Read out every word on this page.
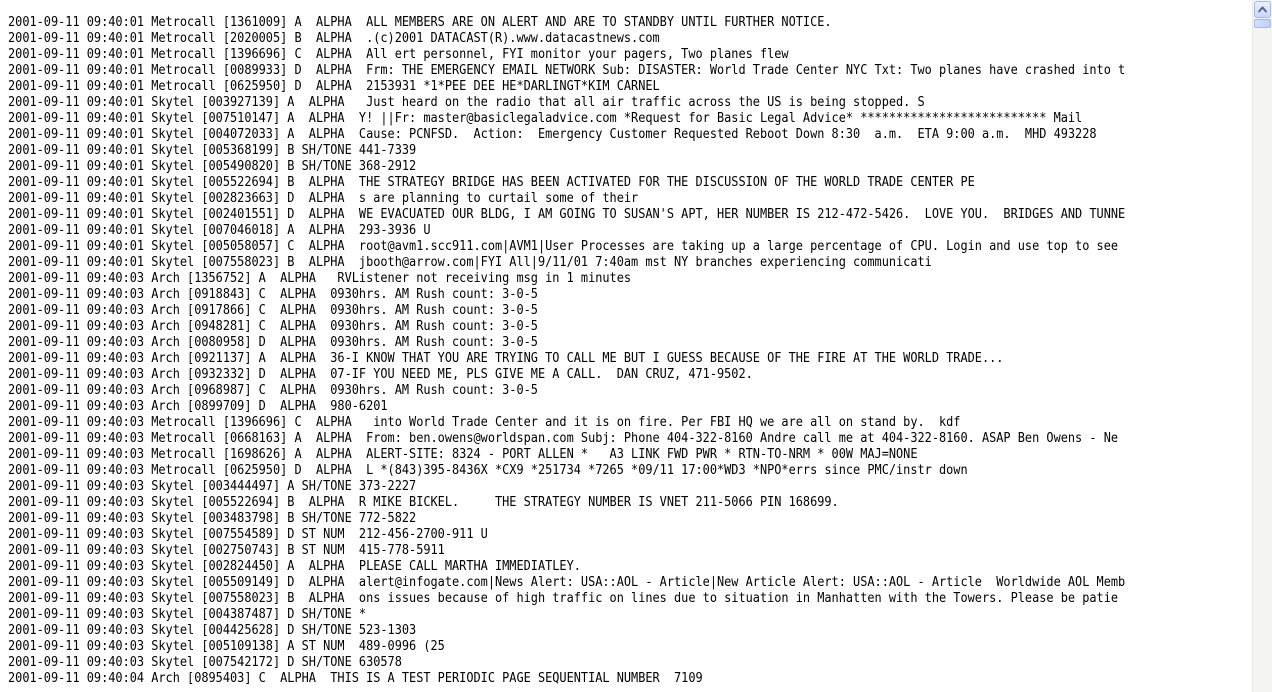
2001-09-11 09:40:01 Metrocall [1361009] A  ALPHA  ALL MEMBERS ARE ON ALERT AND ARE TO STANDBY UNTIL FURTHER NOTICE.
2001-09-11 09:40:01 Metrocall [2020005] B  ALPHA  .(c)2001 DATACAST(R).www.datacastnews.com
2001-09-11 09:40:01 Metrocall [1396696] C  ALPHA  All ert personnel, FYI monitor your pagers, Two planes flew
2001-09-11 09:40:01 Metrocall [0089933] D  ALPHA  Frm: THE EMERGENCY EMAIL NETWORK Sub: DISASTER: World Trade Center NYC Txt: Two planes have crashed into t
2001-09-11 09:40:01 Metrocall [0625950] D  ALPHA  2153931 *1*PEE DEE HE*DARLINGT*KIM CARNEL
2001-09-11 09:40:01 Skytel [003927139] A  ALPHA   Just heard on the radio that all air traffic across the US is being stopped. S
2001-09-11 09:40:01 Skytel [007510147] A  ALPHA  Y! ||Fr: master@basiclegaladvice.com *Request for Basic Legal Advice* ************************** Mail
2001-09-11 09:40:01 Skytel [004072033] A  ALPHA  Cause: PCNFSD.  Action:  Emergency Customer Requested Reboot Down 8:30  a.m.  ETA 9:00 a.m.  MHD 493228
2001-09-11 09:40:01 Skytel [005368199] B SH/TONE 441-7339
2001-09-11 09:40:01 Skytel [005490820] B SH/TONE 368-2912
2001-09-11 09:40:01 Skytel [005522694] B  ALPHA  THE STRATEGY BRIDGE HAS BEEN ACTIVATED FOR THE DISCUSSION OF THE WORLD TRADE CENTER PE
2001-09-11 09:40:01 Skytel [002823663] D  ALPHA  s are planning to curtail some of their
2001-09-11 09:40:01 Skytel [002401551] D  ALPHA  WE EVACUATED OUR BLDG, I AM GOING TO SUSAN'S APT, HER NUMBER IS 212-472-5426.  LOVE YOU.  BRIDGES AND TUNNE
2001-09-11 09:40:01 Skytel [007046018] A  ALPHA  293-3936 U
2001-09-11 09:40:01 Skytel [005058057] C  ALPHA  root@avm1.scc911.com|AVM1|User Processes are taking up a large percentage of CPU. Login and use top to see
2001-09-11 09:40:01 Skytel [007558023] B  ALPHA  jbooth@arrow.com|FYI All|9/11/01 7:40am mst NY branches experiencing communicati
2001-09-11 09:40:03 Arch [1356752] A  ALPHA   RVListener not receiving msg in 1 minutes
2001-09-11 09:40:03 Arch [0918843] C  ALPHA  0930hrs. AM Rush count: 3-0-5
2001-09-11 09:40:03 Arch [0917866] C  ALPHA  0930hrs. AM Rush count: 3-0-5
2001-09-11 09:40:03 Arch [0948281] C  ALPHA  0930hrs. AM Rush count: 3-0-5
2001-09-11 09:40:03 Arch [0080958] D  ALPHA  0930hrs. AM Rush count: 3-0-5
2001-09-11 09:40:03 Arch [0921137] A  ALPHA  36-I KNOW THAT YOU ARE TRYING TO CALL ME BUT I GUESS BECAUSE OF THE FIRE AT THE WORLD TRADE...
2001-09-11 09:40:03 Arch [0932332] D  ALPHA  07-IF YOU NEED ME, PLS GIVE ME A CALL.  DAN CRUZ, 471-9502.
2001-09-11 09:40:03 Arch [0968987] C  ALPHA  0930hrs. AM Rush count: 3-0-5
2001-09-11 09:40:03 Arch [0899709] D  ALPHA  980-6201
2001-09-11 09:40:03 Metrocall [1396696] C  ALPHA   into World Trade Center and it is on fire. Per FBI HQ we are all on stand by.  kdf
2001-09-11 09:40:03 Metrocall [0668163] A  ALPHA  From: ben.owens@worldspan.com Subj: Phone 404-322-8160 Andre call me at 404-322-8160. ASAP Ben Owens - Ne
2001-09-11 09:40:03 Metrocall [1698626] A  ALPHA  ALERT-SITE: 8324 - PORT ALLEN *   A3 LINK FWD PWR * RTN-TO-NRM * 00W MAJ=NONE
2001-09-11 09:40:03 Metrocall [0625950] D  ALPHA  L *(843)395-8436X *CX9 *251734 *7265 *09/11 17:00*WD3 *NPO*errs since PMC/instr down
2001-09-11 09:40:03 Skytel [003444497] A SH/TONE 373-2227
2001-09-11 09:40:03 Skytel [005522694] B  ALPHA  R MIKE BICKEL.     THE STRATEGY NUMBER IS VNET 211-5066 PIN 168699.
2001-09-11 09:40:03 Skytel [003483798] B SH/TONE 772-5822
2001-09-11 09:40:03 Skytel [007554589] D ST NUM  212-456-2700-911 U
2001-09-11 09:40:03 Skytel [002750743] B ST NUM  415-778-5911
2001-09-11 09:40:03 Skytel [002824450] A  ALPHA  PLEASE CALL MARTHA IMMEDIATLEY.
2001-09-11 09:40:03 Skytel [005509149] D  ALPHA  alert@infogate.com|News Alert: USA::AOL - Article|New Article Alert: USA::AOL - Article  Worldwide AOL Memb
2001-09-11 09:40:03 Skytel [007558023] B  ALPHA  ons issues because of high traffic on lines due to situation in Manhatten with the Towers. Please be patie
2001-09-11 09:40:03 Skytel [004387487] D SH/TONE *
2001-09-11 09:40:03 Skytel [004425628] D SH/TONE 523-1303
2001-09-11 09:40:03 Skytel [005109138] A ST NUM  489-0996 (25
2001-09-11 09:40:03 Skytel [007542172] D SH/TONE 630578
2001-09-11 09:40:04 Arch [0895403] C  ALPHA  THIS IS A TEST PERIODIC PAGE SEQUENTIAL NUMBER  7109
